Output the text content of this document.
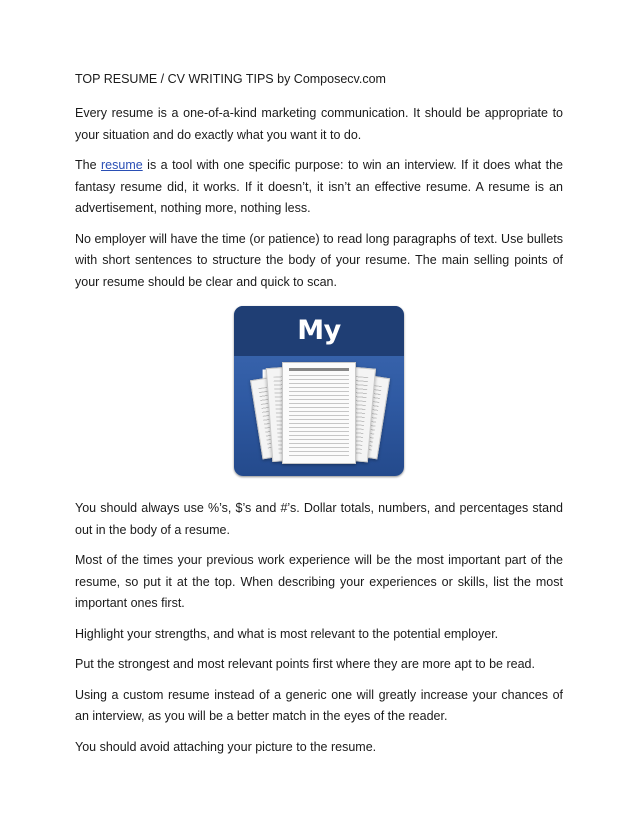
TOP RESUME / CV WRITING TIPS by Composecv.com

Every resume is a one-of-a-kind marketing communication. It should be appropriate to your situation and do exactly what you want it to do.

The resume is a tool with one specific purpose: to win an interview. If it does what the fantasy resume did, it works. If it doesn’t, it isn’t an effective resume. A resume is an advertisement, nothing more, nothing less.

No employer will have the time (or patience) to read long paragraphs of text. Use bullets with short sentences to structure the body of your resume. The main selling points of your resume should be clear and quick to scan.

My

You should always use %’s, $’s and #’s. Dollar totals, numbers, and percentages stand out in the body of a resume.

Most of the times your previous work experience will be the most important part of the resume, so put it at the top. When describing your experiences or skills, list the most important ones first.

Highlight your strengths, and what is most relevant to the potential employer.

Put the strongest and most relevant points first where they are more apt to be read.

Using a custom resume instead of a generic one will greatly increase your chances of an interview, as you will be a better match in the eyes of the reader.

You should avoid attaching your picture to the resume.
